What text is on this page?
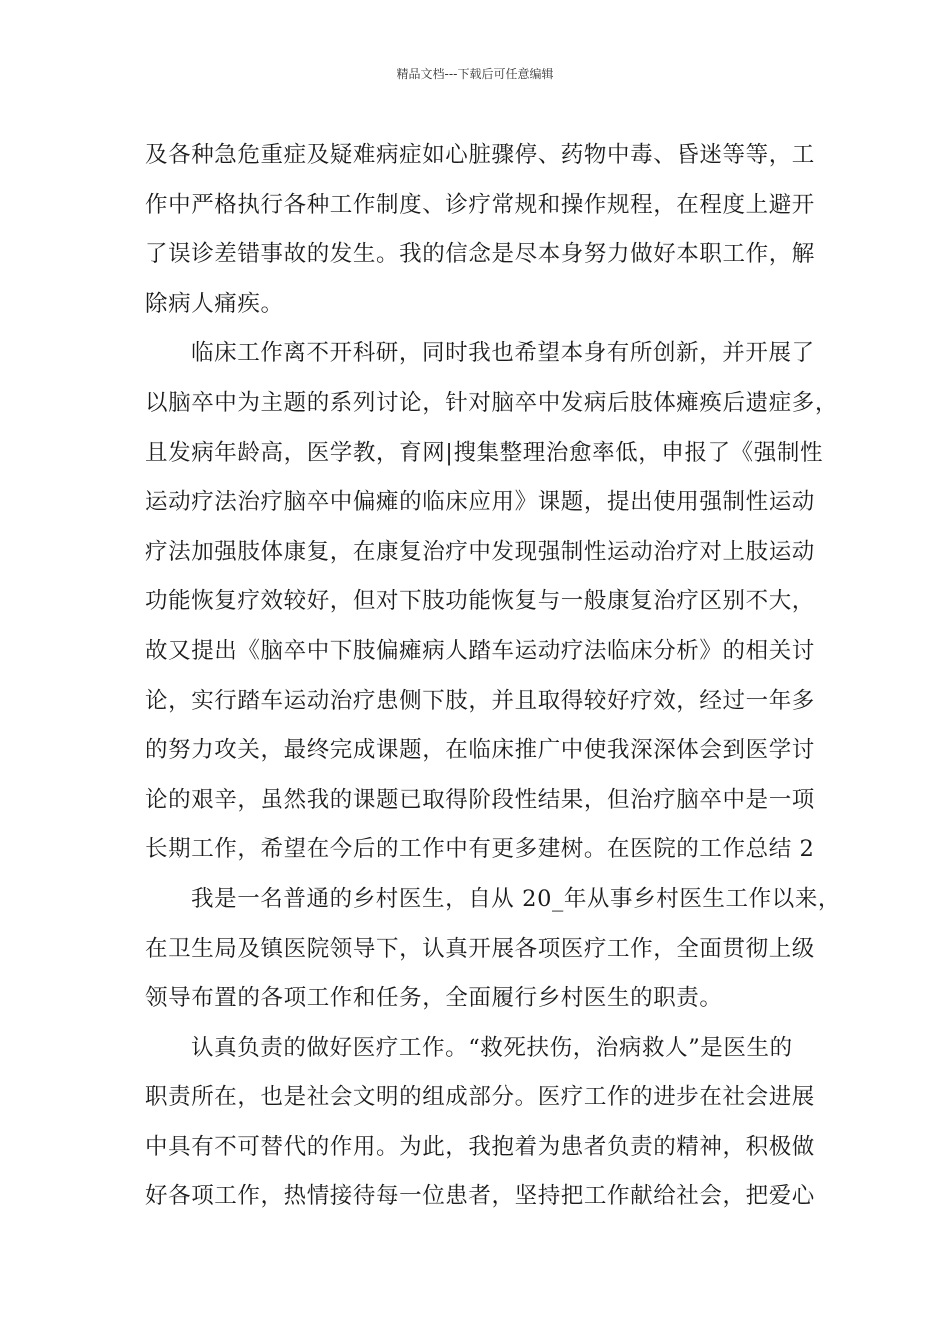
精品文档---下载后可任意编辑
及各种急危重症及疑难病症如心脏骤停、药物中毒、昏迷等等，工
作中严格执行各种工作制度、诊疗常规和操作规程，在程度上避开
了误诊差错事故的发生。我的信念是尽本身努力做好本职工作，解
除病人痛疾。
临床工作离不开科研，同时我也希望本身有所创新，并开展了
以脑卒中为主题的系列讨论，针对脑卒中发病后肢体瘫痪后遗症多，
且发病年龄高，医学教，育网|搜集整理治愈率低，申报了《强制性
运动疗法治疗脑卒中偏瘫的临床应用》课题，提出使用强制性运动
疗法加强肢体康复，在康复治疗中发现强制性运动治疗对上肢运动
功能恢复疗效较好，但对下肢功能恢复与一般康复治疗区别不大，
故又提出《脑卒中下肢偏瘫病人踏车运动疗法临床分析》的相关讨
论，实行踏车运动治疗患侧下肢，并且取得较好疗效，经过一年多
的努力攻关，最终完成课题，在临床推广中使我深深体会到医学讨
论的艰辛，虽然我的课题已取得阶段性结果，但治疗脑卒中是一项
长期工作，希望在今后的工作中有更多建树。在医院的工作总结 2
我是一名普通的乡村医生，自从 20_年从事乡村医生工作以来，
在卫生局及镇医院领导下，认真开展各项医疗工作，全面贯彻上级
领导布置的各项工作和任务，全面履行乡村医生的职责。
认真负责的做好医疗工作。“救死扶伤，治病救人”是医生的
职责所在，也是社会文明的组成部分。医疗工作的进步在社会进展
中具有不可替代的作用。为此，我抱着为患者负责的精神，积极做
好各项工作，热情接待每一位患者，坚持把工作献给社会，把爱心
